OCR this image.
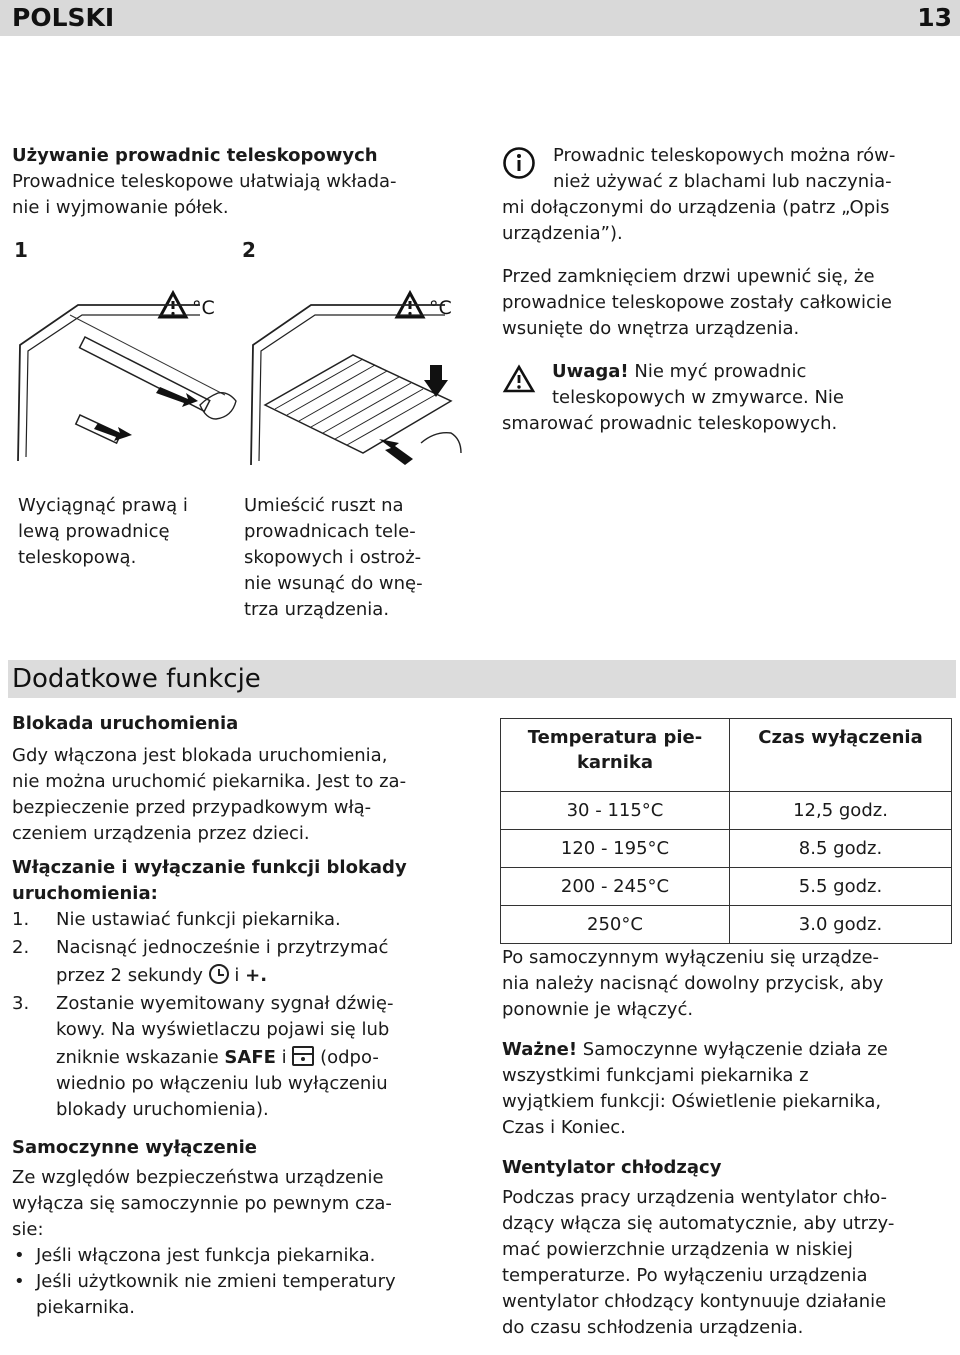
POLSKI	13
Używanie prowadnic teleskopowych
Prowadnice teleskopowe ułatwiają wkłada-
nie i wyjmowanie półek.
1	2
°C	°C
Wyciągnąć prawą i
lewą prowadnicę
teleskopową.
Umieścić ruszt na
prowadnicach tele-
skopowych i ostroż-
nie wsunąć do wnę-
trza urządzenia.
Prowadnic teleskopowych można rów-
nież używać z blachami lub naczynia-
mi dołączonymi do urządzenia (patrz „Opis
urządzenia”).
Przed zamknięciem drzwi upewnić się, że
prowadnice teleskopowe zostały całkowicie
wsunięte do wnętrza urządzenia.
Uwaga! Nie myć prowadnic
teleskopowych w zmywarce. Nie
smarować prowadnic teleskopowych.
Dodatkowe funkcje
Blokada uruchomienia
Gdy włączona jest blokada uruchomienia,
nie można uruchomić piekarnika. Jest to za-
bezpieczenie przed przypadkowym włą-
czeniem urządzenia przez dzieci.
Włączanie i wyłączanie funkcji blokady
uruchomienia:
1. Nie ustawiać funkcji piekarnika.
2. Nacisnąć jednocześnie i przytrzymać
przez 2 sekundy
i +.
3. Zostanie wyemitowany sygnał dźwię-
kowy. Na wyświetlaczu pojawi się lub
zniknie wskazanie SAFE i
(odpo-
wiednio po włączeniu lub wyłączeniu
blokady uruchomienia).
Samoczynne wyłączenie
Ze względów bezpieczeństwa urządzenie
wyłącza się samoczynnie po pewnym cza-
sie:
• Jeśli włączona jest funkcja piekarnika.
• Jeśli użytkownik nie zmieni temperatury
piekarnika.
Temperatura pie-
karnika	Czas wyłączenia

30 - 115°C	12,5 godz.
120 - 195°C	8.5 godz.
200 - 245°C	5.5 godz.
250°C	3.0 godz.
Po samoczynnym wyłączeniu się urządze-
nia należy nacisnąć dowolny przycisk, aby
ponownie je włączyć.
Ważne! Samoczynne wyłączenie działa ze
wszystkimi funkcjami piekarnika z
wyjątkiem funkcji: Oświetlenie piekarnika,
Czas i Koniec.
Wentylator chłodzący
Podczas pracy urządzenia wentylator chło-
dzący włącza się automatycznie, aby utrzy-
mać powierzchnie urządzenia w niskiej
temperaturze. Po wyłączeniu urządzenia
wentylator chłodzący kontynuuje działanie
do czasu schłodzenia urządzenia.
